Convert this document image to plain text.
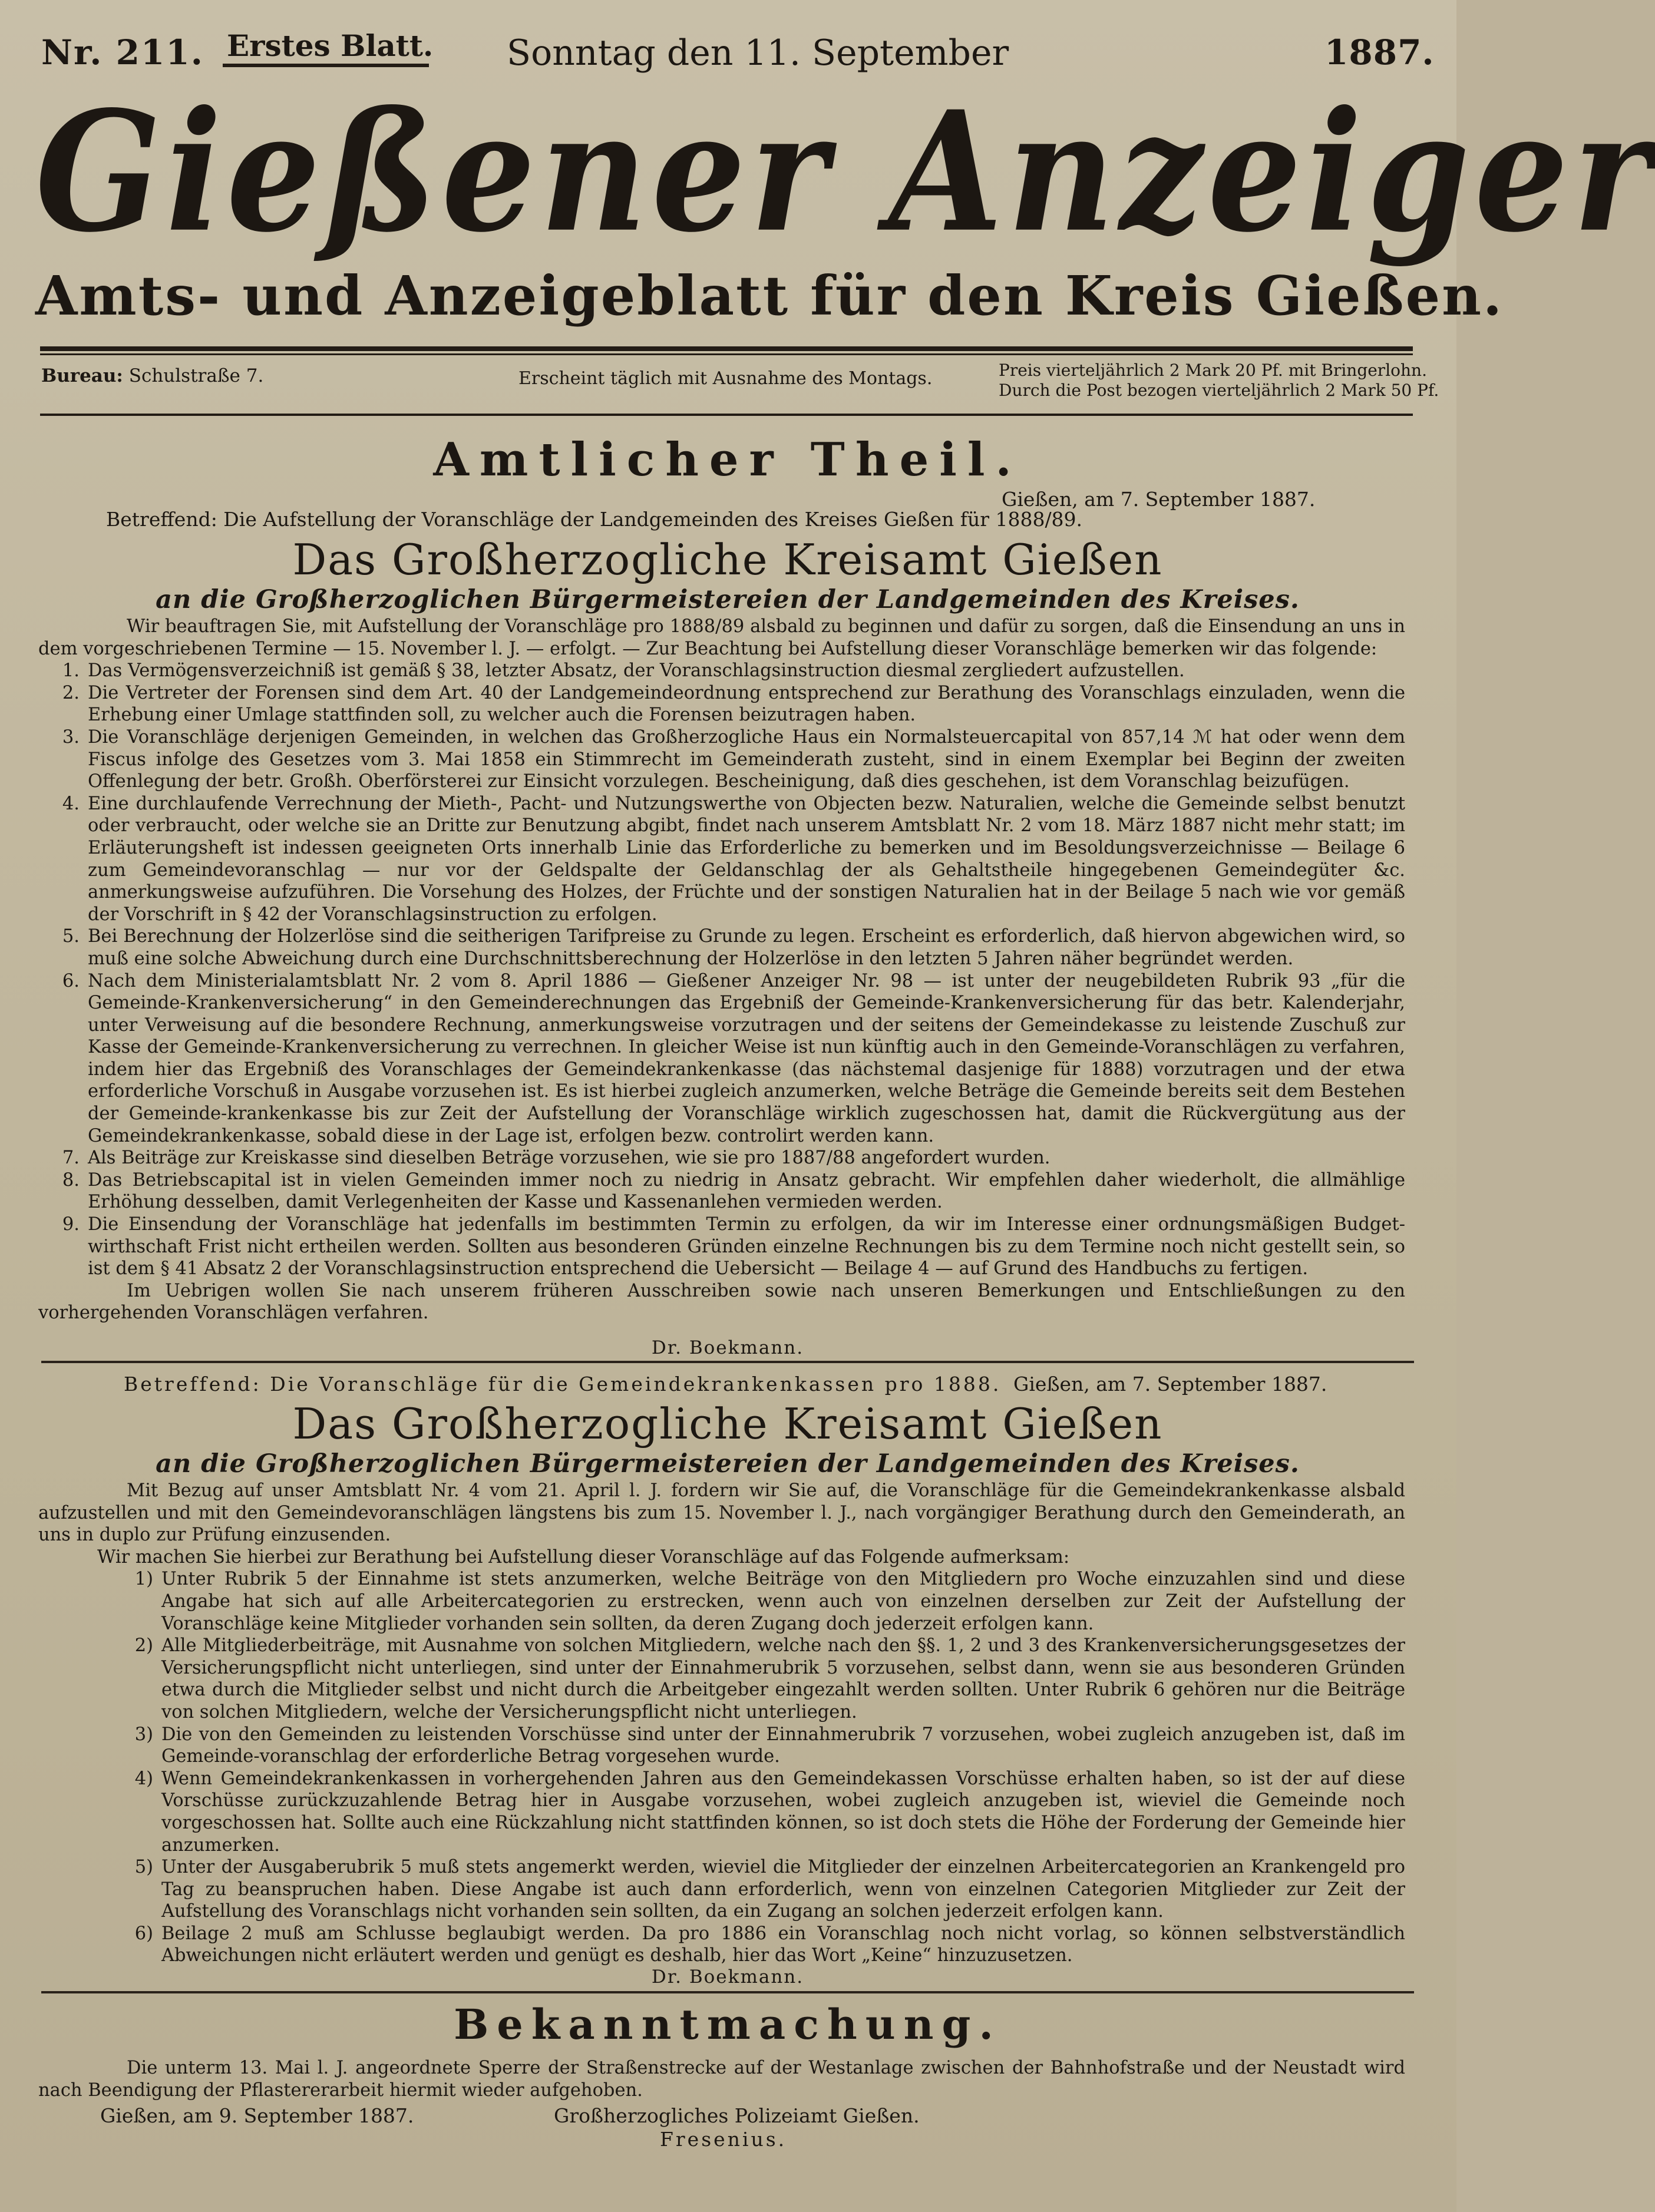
Nr. 211. Erstes Blatt. Sonntag den 11. September	1887.
Gießener Anzeiger
Amts- und Anzeigeblatt für den Kreis Gießen.
Bureau: Schulstraße 7.	Erscheint täglich mit Ausnahme des Montags.	Preis vierteljährlich 2 Mark 20 Pf. mit Bringerlohn.
Durch die Post bezogen vierteljährlich 2 Mark 50 Pf.
Amtlicher Theil.
Gießen, am 7. September 1887.
Betreffend: Die Aufstellung der Voranschläge der Landgemeinden des Kreises Gießen für 1888/89.
Das Großherzogliche Kreisamt Gießen
an die Großherzoglichen Bürgermeistereien der Landgemeinden des Kreises.
Wir beauftragen Sie, mit Aufstellung der Voranschläge pro 1888/89 alsbald zu beginnen und dafür zu sorgen, daß die Einsendung an uns in dem vorgeschriebenen Termine — 15. November l. J. — erfolgt. — Zur Beachtung bei Aufstellung dieser Voranschläge bemerken wir das folgende:
1. Das Vermögensverzeichniß ist gemäß § 38, letzter Absatz, der Voranschlagsinstruction diesmal zergliedert aufzustellen.
2. Die Vertreter der Forensen sind dem Art. 40 der Landgemeindeordnung entsprechend zur Berathung des Voranschlags einzuladen, wenn die Erhebung einer Umlage stattfinden soll, zu welcher auch die Forensen beizutragen haben.
3. Die Voranschläge derjenigen Gemeinden, in welchen das Großherzogliche Haus ein Normalsteuercapital von 857,14 ℳ hat oder wenn dem Fiscus infolge des Gesetzes vom 3. Mai 1858 ein Stimmrecht im Gemeinderath zusteht, sind in einem Exemplar bei Beginn der zweiten Offenlegung der betr. Großh. Oberförsterei zur Einsicht vorzulegen. Bescheinigung, daß dies geschehen, ist dem Voranschlag beizufügen.
4. Eine durchlaufende Verrechnung der Mieth-, Pacht- und Nutzungswerthe von Objecten bezw. Naturalien, welche die Gemeinde selbst benutzt oder verbraucht, oder welche sie an Dritte zur Benutzung abgibt, findet nach unserem Amtsblatt Nr. 2 vom 18. März 1887 nicht mehr statt; im Erläuterungsheft ist indessen geeigneten Orts innerhalb Linie das Erforderliche zu bemerken und im Besoldungsverzeichnisse — Beilage 6 zum Gemeindevoranschlag — nur vor der Geldspalte der Geldanschlag der als Gehaltstheile hingegebenen Gemeindegüter &c. anmerkungsweise aufzuführen. Die Vorsehung des Holzes, der Früchte und der sonstigen Naturalien hat in der Beilage 5 nach wie vor gemäß der Vorschrift in § 42 der Voranschlagsinstruction zu erfolgen.
5. Bei Berechnung der Holzerlöse sind die seitherigen Tarifpreise zu Grunde zu legen. Erscheint es erforderlich, daß hiervon abgewichen wird, so muß eine solche Abweichung durch eine Durchschnittsberechnung der Holzerlöse in den letzten 5 Jahren näher begründet werden.
6. Nach dem Ministerialamtsblatt Nr. 2 vom 8. April 1886 — Gießener Anzeiger Nr. 98 — ist unter der neugebildeten Rubrik 93 „für die Gemeinde-Krankenversicherung“ in den Gemeinderechnungen das Ergebniß der Gemeinde-Krankenversicherung für das betr. Kalenderjahr, unter Verweisung auf die besondere Rechnung, anmerkungsweise vorzutragen und der seitens der Gemeindekasse zu leistende Zuschuß zur Kasse der Gemeinde-Krankenversicherung zu verrechnen. In gleicher Weise ist nun künftig auch in den Gemeinde-Voranschlägen zu verfahren, indem hier das Ergebniß des Voranschlages der Gemeindekrankenkasse (das nächstemal dasjenige für 1888) vorzutragen und der etwa erforderliche Vorschuß in Ausgabe vorzusehen ist. Es ist hierbei zugleich anzumerken, welche Beträge die Gemeinde bereits seit dem Bestehen der Gemeinde-krankenkasse bis zur Zeit der Aufstellung der Voranschläge wirklich zugeschossen hat, damit die Rückvergütung aus der Gemeindekrankenkasse, sobald diese in der Lage ist, erfolgen bezw. controlirt werden kann.
7. Als Beiträge zur Kreiskasse sind dieselben Beträge vorzusehen, wie sie pro 1887/88 angefordert wurden.
8. Das Betriebscapital ist in vielen Gemeinden immer noch zu niedrig in Ansatz gebracht. Wir empfehlen daher wiederholt, die allmählige Erhöhung desselben, damit Verlegenheiten der Kasse und Kassenanlehen vermieden werden.
9. Die Einsendung der Voranschläge hat jedenfalls im bestimmten Termin zu erfolgen, da wir im Interesse einer ordnungsmäßigen Budget-wirthschaft Frist nicht ertheilen werden. Sollten aus besonderen Gründen einzelne Rechnungen bis zu dem Termine noch nicht gestellt sein, so ist dem § 41 Absatz 2 der Voranschlagsinstruction entsprechend die Uebersicht — Beilage 4 — auf Grund des Handbuchs zu fertigen.
Im Uebrigen wollen Sie nach unserem früheren Ausschreiben sowie nach unseren Bemerkungen und Entschließungen zu den vorhergehenden Voranschlägen verfahren.
Dr. Boekmann.
Betreffend: Die Voranschläge für die Gemeindekrankenkassen pro 1888. Gießen, am 7. September 1887.
Das Großherzogliche Kreisamt Gießen
an die Großherzoglichen Bürgermeistereien der Landgemeinden des Kreises.
Mit Bezug auf unser Amtsblatt Nr. 4 vom 21. April l. J. fordern wir Sie auf, die Voranschläge für die Gemeindekrankenkasse alsbald aufzustellen und mit den Gemeindevoranschlägen längstens bis zum 15. November l. J., nach vorgängiger Berathung durch den Gemeinderath, an uns in duplo zur Prüfung einzusenden.
Wir machen Sie hierbei zur Berathung bei Aufstellung dieser Voranschläge auf das Folgende aufmerksam:
1) Unter Rubrik 5 der Einnahme ist stets anzumerken, welche Beiträge von den Mitgliedern pro Woche einzuzahlen sind und diese Angabe hat sich auf alle Arbeitercategorien zu erstrecken, wenn auch von einzelnen derselben zur Zeit der Aufstellung der Voranschläge keine Mitglieder vorhanden sein sollten, da deren Zugang doch jederzeit erfolgen kann.
2) Alle Mitgliederbeiträge, mit Ausnahme von solchen Mitgliedern, welche nach den §§. 1, 2 und 3 des Krankenversicherungsgesetzes der Versicherungspflicht nicht unterliegen, sind unter der Einnahmerubrik 5 vorzusehen, selbst dann, wenn sie aus besonderen Gründen etwa durch die Mitglieder selbst und nicht durch die Arbeitgeber eingezahlt werden sollten. Unter Rubrik 6 gehören nur die Beiträge von solchen Mitgliedern, welche der Versicherungspflicht nicht unterliegen.
3) Die von den Gemeinden zu leistenden Vorschüsse sind unter der Einnahmerubrik 7 vorzusehen, wobei zugleich anzugeben ist, daß im Gemeinde-voranschlag der erforderliche Betrag vorgesehen wurde.
4) Wenn Gemeindekrankenkassen in vorhergehenden Jahren aus den Gemeindekassen Vorschüsse erhalten haben, so ist der auf diese Vorschüsse zurückzuzahlende Betrag hier in Ausgabe vorzusehen, wobei zugleich anzugeben ist, wieviel die Gemeinde noch vorgeschossen hat. Sollte auch eine Rückzahlung nicht stattfinden können, so ist doch stets die Höhe der Forderung der Gemeinde hier anzumerken.
5) Unter der Ausgaberubrik 5 muß stets angemerkt werden, wieviel die Mitglieder der einzelnen Arbeitercategorien an Krankengeld pro Tag zu beanspruchen haben. Diese Angabe ist auch dann erforderlich, wenn von einzelnen Categorien Mitglieder zur Zeit der Aufstellung des Voranschlags nicht vorhanden sein sollten, da ein Zugang an solchen jederzeit erfolgen kann.
6) Beilage 2 muß am Schlusse beglaubigt werden. Da pro 1886 ein Voranschlag noch nicht vorlag, so können selbstverständlich Abweichungen nicht erläutert werden und genügt es deshalb, hier das Wort „Keine“ hinzuzusetzen.
Dr. Boekmann.
Bekanntmachung.
Die unterm 13. Mai l. J. angeordnete Sperre der Straßenstrecke auf der Westanlage zwischen der Bahnhofstraße und der Neustadt wird nach Beendigung der Pflastererarbeit hiermit wieder aufgehoben.
Gießen, am 9. September 1887.	Großherzogliches Polizeiamt Gießen.
Fresenius.
